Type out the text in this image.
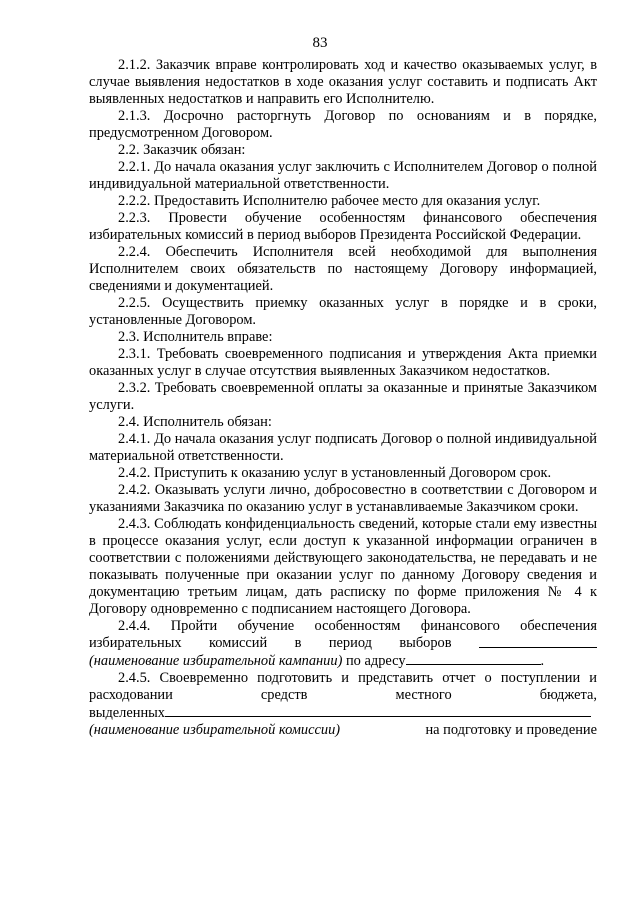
83

2.1.2. Заказчик вправе контролировать ход и качество оказываемых услуг, в случае выявления недостатков в ходе оказания услуг составить и подписать Акт выявленных недостатков и направить его Исполнителю.

2.1.3. Досрочно расторгнуть Договор по основаниям и в порядке, предусмотренном Договором.

2.2. Заказчик обязан:

2.2.1. До начала оказания услуг заключить с Исполнителем Договор о полной индивидуальной материальной ответственности.

2.2.2. Предоставить Исполнителю рабочее место для оказания услуг.

2.2.3. Провести обучение особенностям финансового обеспечения избирательных комиссий в период выборов Президента Российской Федерации.

2.2.4. Обеспечить Исполнителя всей необходимой для выполнения Исполнителем своих обязательств по настоящему Договору информацией, сведениями и документацией.

2.2.5. Осуществить приемку оказанных услуг в порядке и в сроки, установленные Договором.

2.3. Исполнитель вправе:

2.3.1. Требовать своевременного подписания и утверждения Акта приемки оказанных услуг в случае отсутствия выявленных Заказчиком недостатков.

2.3.2. Требовать своевременной оплаты за оказанные и принятые Заказчиком услуги.

2.4. Исполнитель обязан:

2.4.1. До начала оказания услуг подписать Договор о полной индивидуальной материальной ответственности.

2.4.2. Приступить к оказанию услуг в установленный Договором срок.

2.4.2. Оказывать услуги лично, добросовестно в соответствии с Договором и указаниями Заказчика по оказанию услуг в устанавливаемые Заказчиком сроки.

2.4.3. Соблюдать конфиденциальность сведений, которые стали ему известны в процессе оказания услуг, если доступ к указанной информации ограничен в соответствии с положениями действующего законодательства, не передавать и не показывать полученные при оказании услуг по данному Договору сведения и документацию третьим лицам, дать расписку по форме приложения № 4 к Договору одновременно с подписанием настоящего Договора.

2.4.4. Пройти обучение особенностям финансового обеспечения

избирательных комиссий в период выборов
(наименование избирательной кампании) по адресу	.

2.4.5. Своевременно подготовить и представить отчет о поступлении и

расходовании	средств	местного	бюджета,
выделенных
(наименование избирательной комиссии)	на подготовку и проведение
